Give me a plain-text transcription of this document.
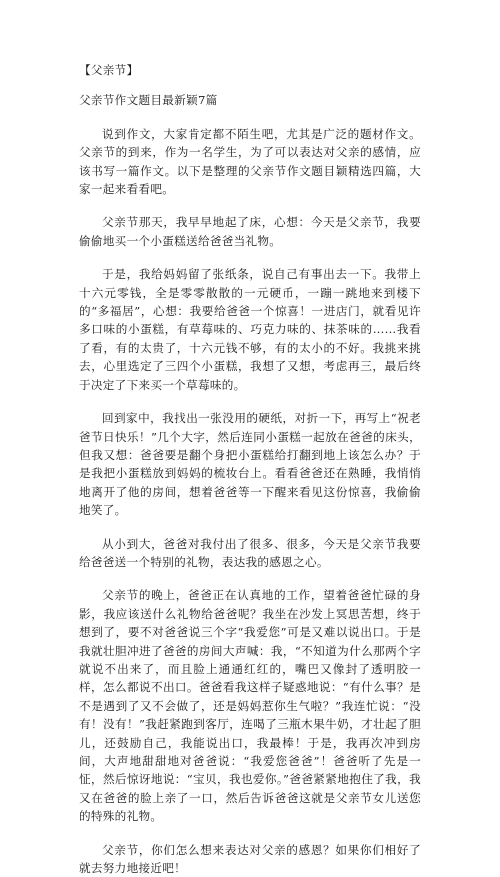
【父亲节】

父亲节作文题目最新颖7篇

说到作文，大家肯定都不陌生吧，尤其是广泛的题材作文。父亲节的到来，作为一名学生，为了可以表达对父亲的感情，应该书写一篇作文。以下是整理的父亲节作文题目颖精选四篇，大家一起来看看吧。

父亲节那天，我早早地起了床，心想：今天是父亲节，我要偷偷地买一个小蛋糕送给爸爸当礼物。

于是，我给妈妈留了张纸条，说自己有事出去一下。我带上十六元零钱，全是零零散散的一元硬币，一蹦一跳地来到楼下的“多福居”，心想：我要给爸爸一个惊喜！一进店门，就看见许多口味的小蛋糕，有草莓味的、巧克力味的、抹茶味的……我看了看，有的太贵了，十六元钱不够，有的太小的不好。我挑来挑去，心里选定了三四个小蛋糕，我想了又想，考虑再三，最后终于决定了下来买一个草莓味的。

回到家中，我找出一张没用的硬纸，对折一下，再写上“祝老爸节日快乐！”几个大字，然后连同小蛋糕一起放在爸爸的床头，但我又想：爸爸要是翻个身把小蛋糕给打翻到地上该怎么办？于是我把小蛋糕放到妈妈的梳妆台上。看看爸爸还在熟睡，我悄悄地离开了他的房间，想着爸爸等一下醒来看见这份惊喜，我偷偷地笑了。

从小到大，爸爸对我付出了很多、很多，今天是父亲节我要给爸爸送一个特别的礼物，表达我的感恩之心。

父亲节的晚上，爸爸正在认真地的工作，望着爸爸忙碌的身影，我应该送什么礼物给爸爸呢？我坐在沙发上冥思苦想，终于想到了，要不对爸爸说三个字“我爱您”可是又难以说出口。于是我就壮胆冲进了爸爸的房间大声喊：我，“不知道为什么那两个字就说不出来了，而且脸上通通红红的，嘴巴又像封了透明胶一样，怎么都说不出口。爸爸看我这样子疑惑地说：“有什么事？是不是遇到了又不会做了，还是妈妈惹你生气啦？”我连忙说：“没有！没有！”我赶紧跑到客厅，连喝了三瓶木果牛奶，才壮起了胆儿，还鼓励自己，我能说出口，我最棒！于是，我再次冲到房间，大声地甜甜地对爸爸说：“我爱您爸爸”！爸爸听了先是一怔，然后惊讶地说：“宝贝，我也爱你。”爸爸紧紧地抱住了我，我又在爸爸的脸上亲了一口，然后告诉爸爸这就是父亲节女儿送您的特殊的礼物。

父亲节，你们怎么想来表达对父亲的感恩？如果你们相好了就去努力地接近吧！
